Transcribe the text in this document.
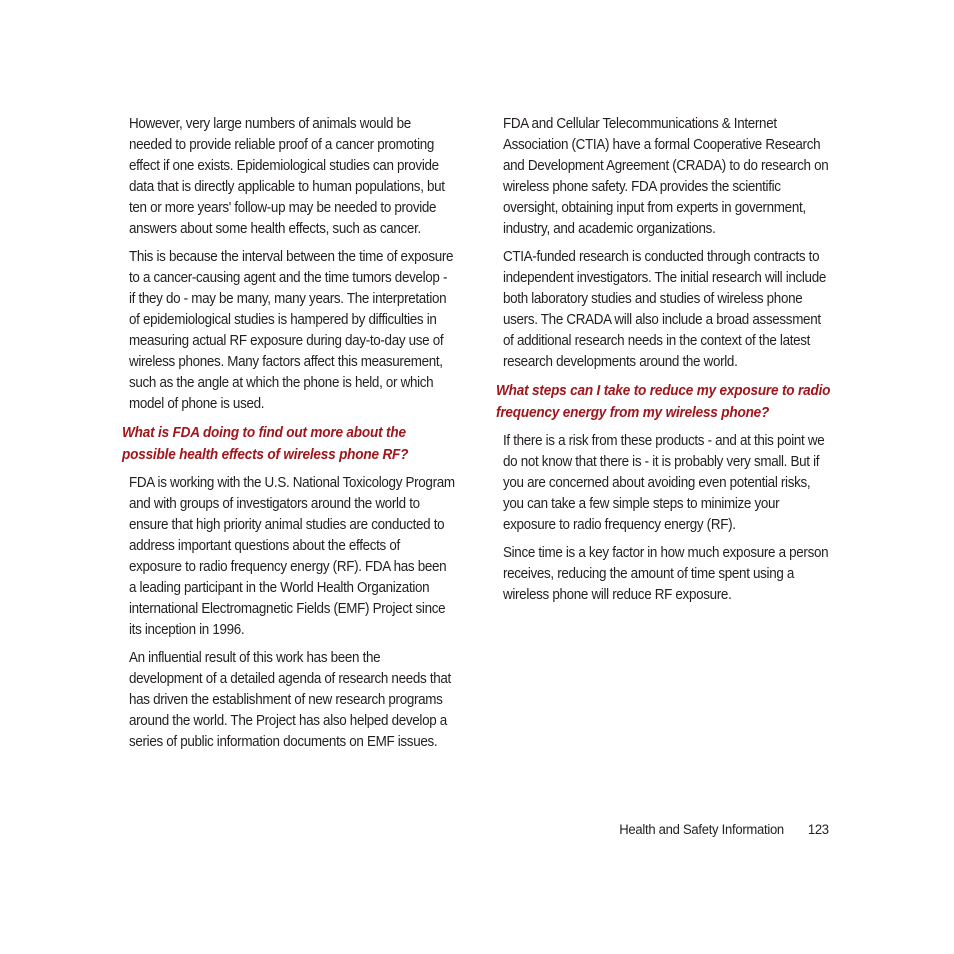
However, very large numbers of animals would be needed to provide reliable proof of a cancer promoting effect if one exists. Epidemiological studies can provide data that is directly applicable to human populations, but ten or more years' follow-up may be needed to provide answers about some health effects, such as cancer.

This is because the interval between the time of exposure to a cancer-causing agent and the time tumors develop - if they do - may be many, many years. The interpretation of epidemiological studies is hampered by difficulties in measuring actual RF exposure during day-to-day use of wireless phones. Many factors affect this measurement, such as the angle at which the phone is held, or which model of phone is used.

What is FDA doing to find out more about the possible health effects of wireless phone RF?

FDA is working with the U.S. National Toxicology Program and with groups of investigators around the world to ensure that high priority animal studies are conducted to address important questions about the effects of exposure to radio frequency energy (RF). FDA has been a leading participant in the World Health Organization international Electromagnetic Fields (EMF) Project since its inception in 1996.

An influential result of this work has been the development of a detailed agenda of research needs that has driven the establishment of new research programs around the world. The Project has also helped develop a series of public information documents on EMF issues.

FDA and Cellular Telecommunications & Internet Association (CTIA) have a formal Cooperative Research and Development Agreement (CRADA) to do research on wireless phone safety. FDA provides the scientific oversight, obtaining input from experts in government, industry, and academic organizations.

CTIA-funded research is conducted through contracts to independent investigators. The initial research will include both laboratory studies and studies of wireless phone users. The CRADA will also include a broad assessment of additional research needs in the context of the latest research developments around the world.

What steps can I take to reduce my exposure to radio frequency energy from my wireless phone?

If there is a risk from these products - and at this point we do not know that there is - it is probably very small. But if you are concerned about avoiding even potential risks, you can take a few simple steps to minimize your exposure to radio frequency energy (RF).

Since time is a key factor in how much exposure a person receives, reducing the amount of time spent using a wireless phone will reduce RF exposure.

Health and Safety Information 123
